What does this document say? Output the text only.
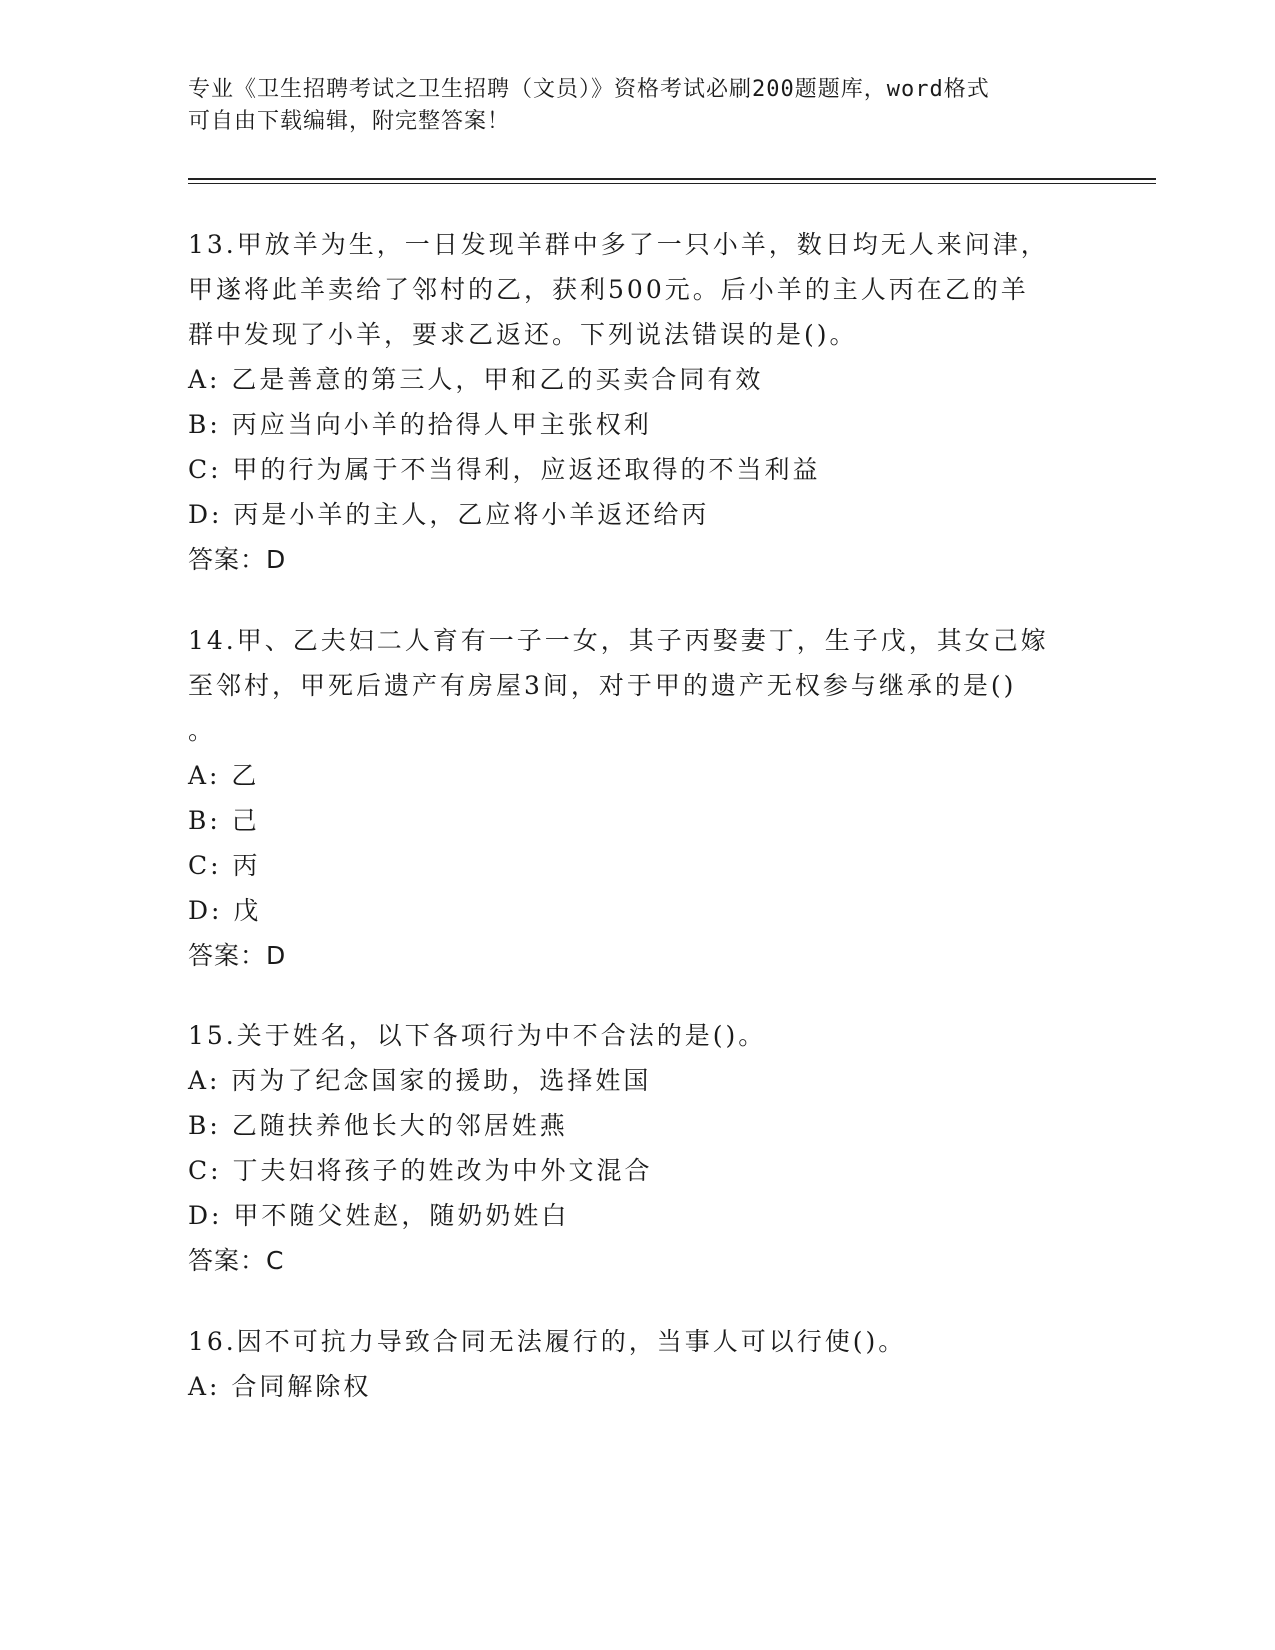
专业《卫生招聘考试之卫生招聘（文员）》资格考试必刷200题题库，word格式
可自由下载编辑，附完整答案！
13.甲放羊为生，一日发现羊群中多了一只小羊，数日均无人来问津，
甲遂将此羊卖给了邻村的乙，获利500元。后小羊的主人丙在乙的羊
群中发现了小羊，要求乙返还。下列说法错误的是()。
A: 乙是善意的第三人，甲和乙的买卖合同有效
B: 丙应当向小羊的拾得人甲主张权利
C: 甲的行为属于不当得利，应返还取得的不当利益
D: 丙是小羊的主人，乙应将小羊返还给丙
答案：D
14.甲、乙夫妇二人育有一子一女，其子丙娶妻丁，生子戊，其女己嫁
至邻村，甲死后遗产有房屋3间，对于甲的遗产无权参与继承的是()
。
A: 乙
B: 己
C: 丙
D: 戊
答案：D
15.关于姓名，以下各项行为中不合法的是()。
A: 丙为了纪念国家的援助，选择姓国
B: 乙随扶养他长大的邻居姓燕
C: 丁夫妇将孩子的姓改为中外文混合
D: 甲不随父姓赵，随奶奶姓白
答案：C
16.因不可抗力导致合同无法履行的，当事人可以行使()。
A: 合同解除权
